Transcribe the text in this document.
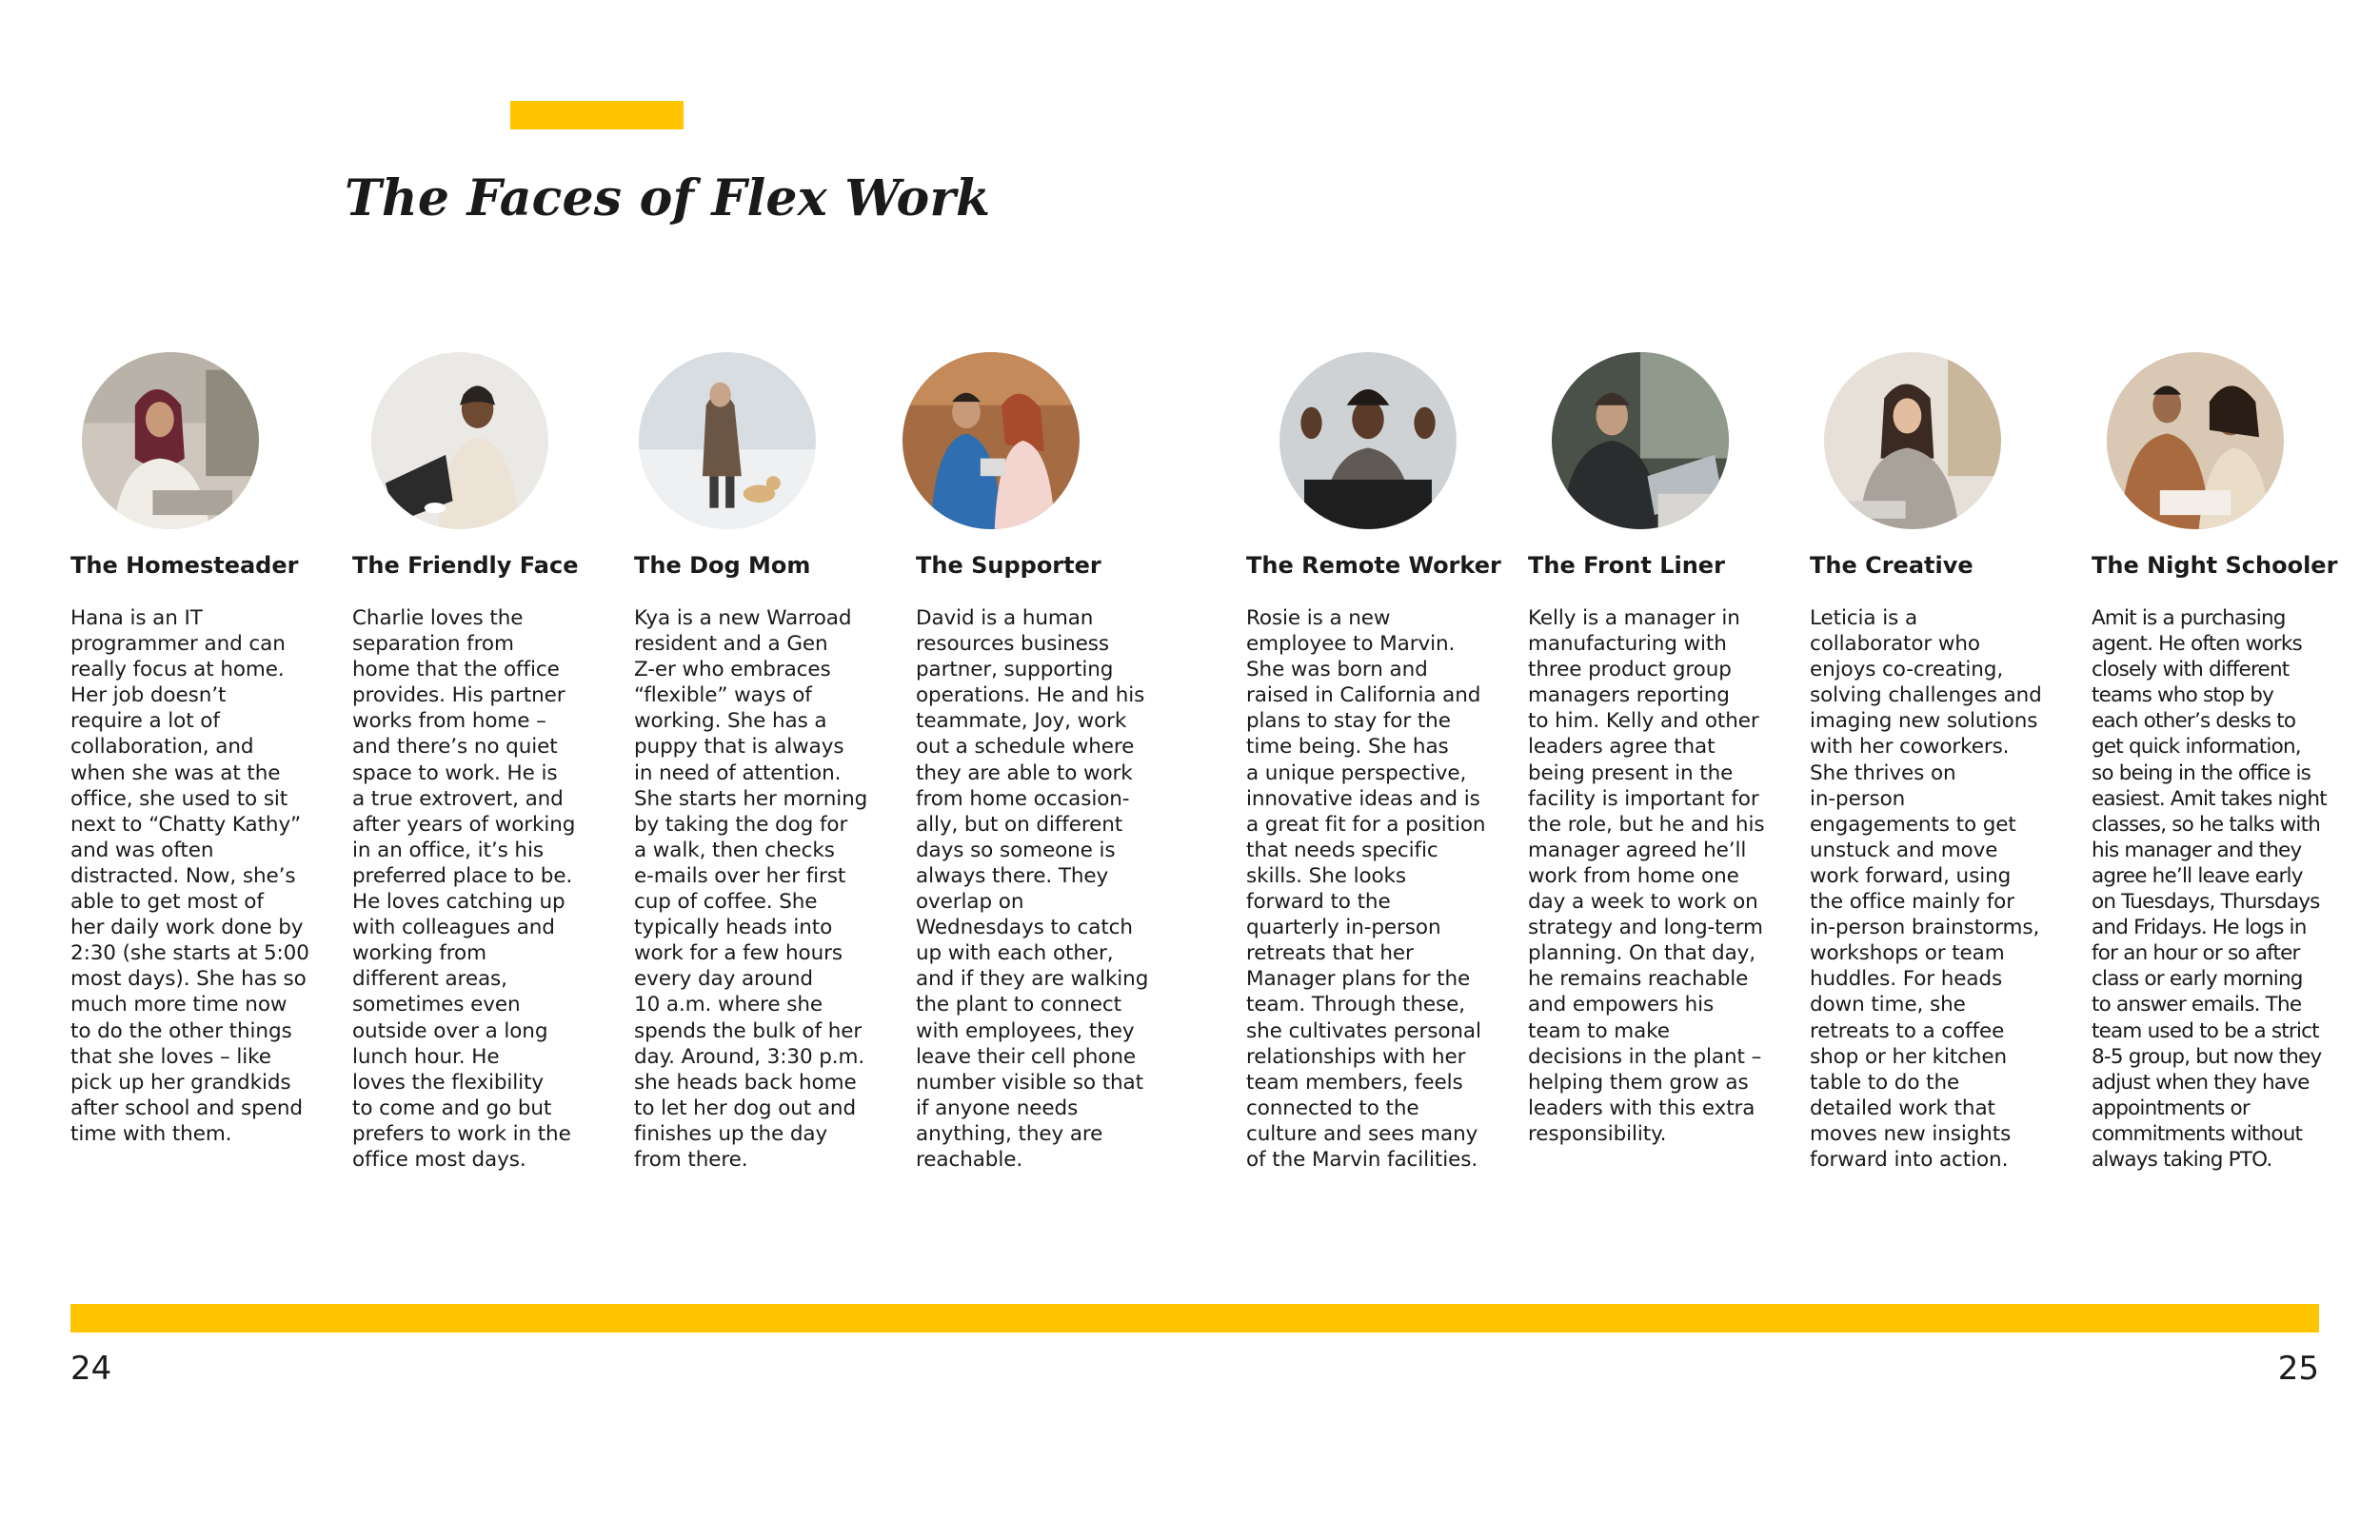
The Faces of Flex Work
The Homesteader
Hana is an IT
programmer and can
really focus at home.
Her job doesn’t
require a lot of
collaboration, and
when she was at the
office, she used to sit
next to “Chatty Kathy”
and was often
distracted. Now, she’s
able to get most of
her daily work done by
2:30 (she starts at 5:00
most days). She has so
much more time now
to do the other things
that she loves – like
pick up her grandkids
after school and spend
time with them.
The Friendly Face
Charlie loves the
separation from
home that the office
provides. His partner
works from home –
and there’s no quiet
space to work. He is
a true extrovert, and
after years of working
in an office, it’s his
preferred place to be.
He loves catching up
with colleagues and
working from
different areas,
sometimes even
outside over a long
lunch hour. He
loves the flexibility
to come and go but
prefers to work in the
office most days.
The Dog Mom
Kya is a new Warroad
resident and a Gen
Z-er who embraces
“flexible” ways of
working. She has a
puppy that is always
in need of attention.
She starts her morning
by taking the dog for
a walk, then checks
e-mails over her first
cup of coffee. She
typically heads into
work for a few hours
every day around
10 a.m. where she
spends the bulk of her
day. Around, 3:30 p.m.
she heads back home
to let her dog out and
finishes up the day
from there.
The Supporter
David is a human
resources business
partner, supporting
operations. He and his
teammate, Joy, work
out a schedule where
they are able to work
from home occasion-
ally, but on different
days so someone is
always there. They
overlap on
Wednesdays to catch
up with each other,
and if they are walking
the plant to connect
with employees, they
leave their cell phone
number visible so that
if anyone needs
anything, they are
reachable.
The Remote Worker
Rosie is a new
employee to Marvin.
She was born and
raised in California and
plans to stay for the
time being. She has
a unique perspective,
innovative ideas and is
a great fit for a position
that needs specific
skills. She looks
forward to the
quarterly in-person
retreats that her
Manager plans for the
team. Through these,
she cultivates personal
relationships with her
team members, feels
connected to the
culture and sees many
of the Marvin facilities.
The Front Liner
Kelly is a manager in
manufacturing with
three product group
managers reporting
to him. Kelly and other
leaders agree that
being present in the
facility is important for
the role, but he and his
manager agreed he’ll
work from home one
day a week to work on
strategy and long-term
planning. On that day,
he remains reachable
and empowers his
team to make
decisions in the plant –
helping them grow as
leaders with this extra
responsibility.
The Creative
Leticia is a
collaborator who
enjoys co-creating,
solving challenges and
imaging new solutions
with her coworkers.
She thrives on
in-person
engagements to get
unstuck and move
work forward, using
the office mainly for
in-person brainstorms,
workshops or team
huddles. For heads
down time, she
retreats to a coffee
shop or her kitchen
table to do the
detailed work that
moves new insights
forward into action.
The Night Schooler
Amit is a purchasing
agent. He often works
closely with different
teams who stop by
each other’s desks to
get quick information,
so being in the office is
easiest. Amit takes night
classes, so he talks with
his manager and they
agree he’ll leave early
on Tuesdays, Thursdays
and Fridays. He logs in
for an hour or so after
class or early morning
to answer emails. The
team used to be a strict
8-5 group, but now they
adjust when they have
appointments or
commitments without
always taking PTO.
24	25
